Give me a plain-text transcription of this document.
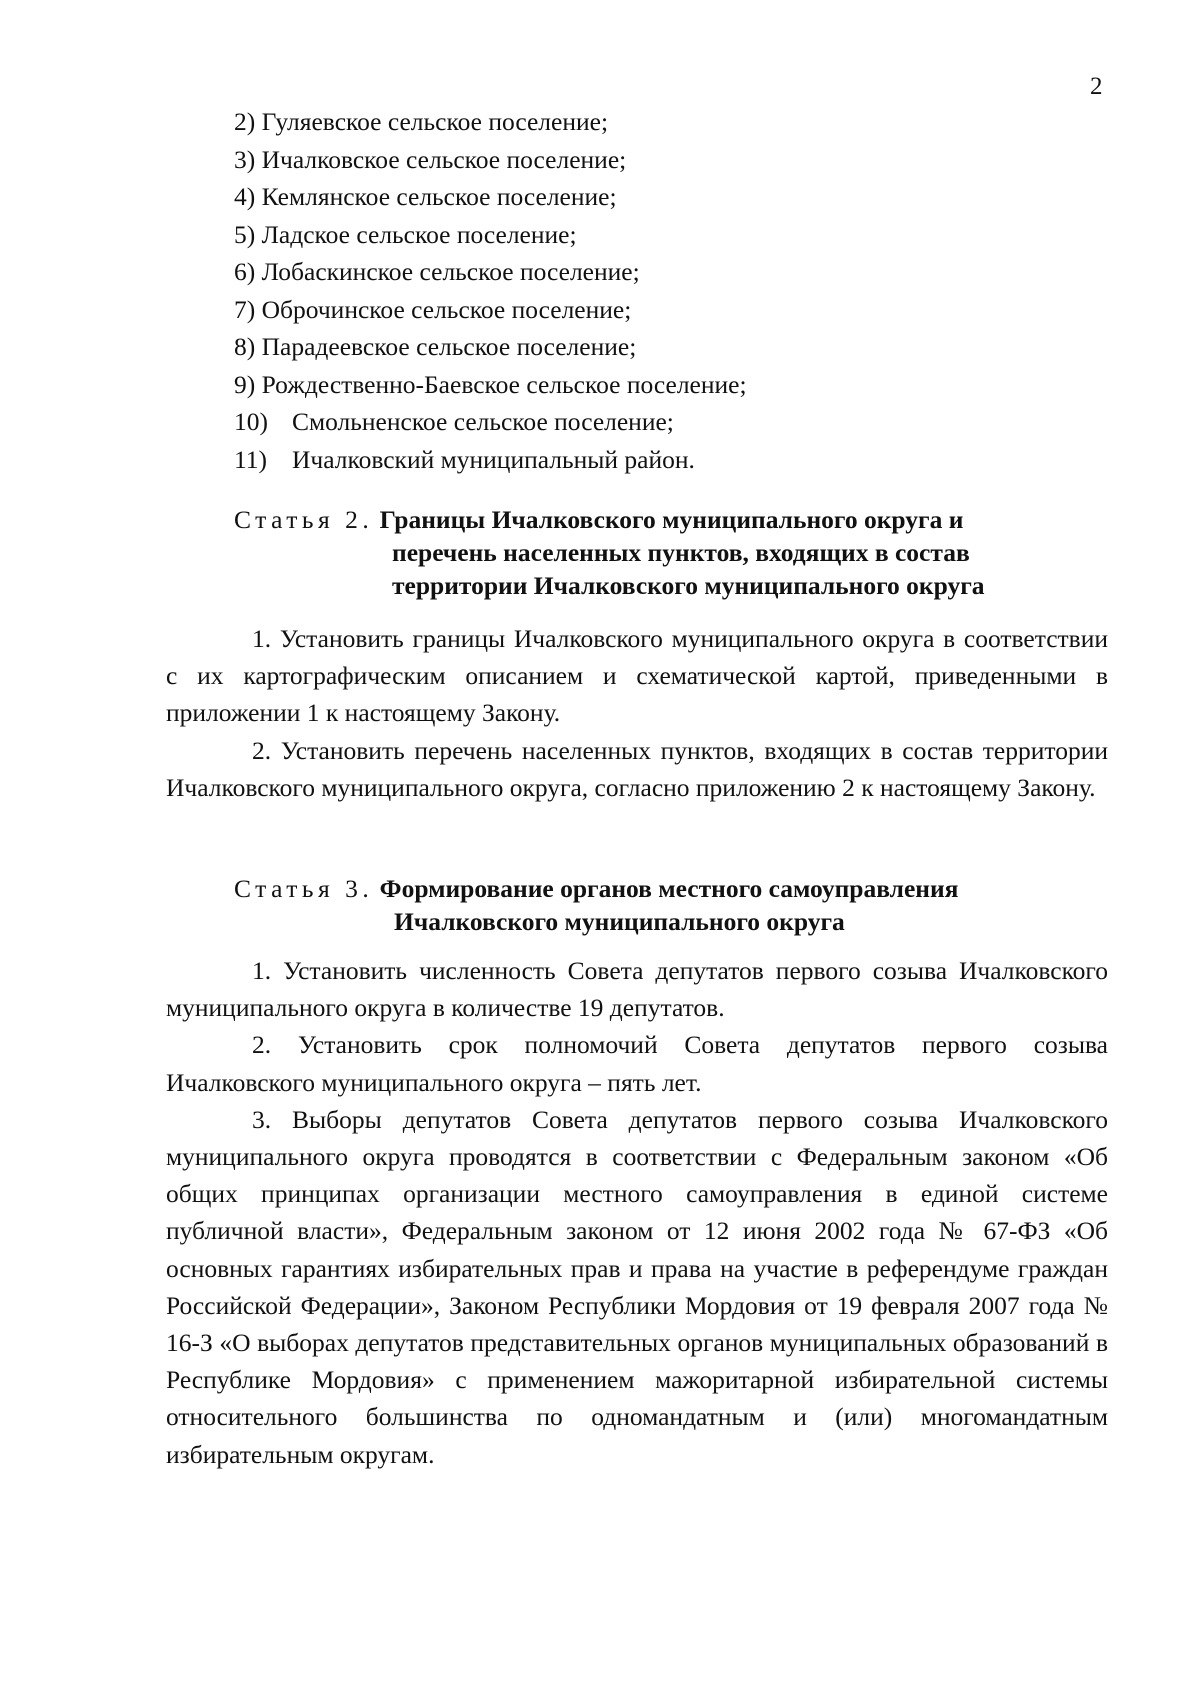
2
2) Гуляевское сельское поселение;
3) Ичалковское сельское поселение;
4) Кемлянское сельское поселение;
5) Ладское сельское поселение;
6) Лобаскинское сельское поселение;
7) Оброчинское сельское поселение;
8) Парадеевское сельское поселение;
9) Рождественно-Баевское сельское поселение;
10) Смольненское сельское поселение;
11) Ичалковский муниципальный район.
Статья 2. Границы Ичалковского муниципального округа и
перечень населенных пунктов, входящих в состав
территории Ичалковского муниципального округа

1. Установить границы Ичалковского муниципального округа в соответствии с их картографическим описанием и схематической картой, приведенными в приложении 1 к настоящему Закону.

2. Установить перечень населенных пунктов, входящих в состав территории Ичалковского муниципального округа, согласно приложению 2 к настоящему Закону.

Статья 3. Формирование органов местного самоуправления
Ичалковского муниципального округа

1. Установить численность Совета депутатов первого созыва Ичалковского муниципального округа в количестве 19 депутатов.

2. Установить срок полномочий Совета депутатов первого созыва Ичалковского муниципального округа – пять лет.

3. Выборы депутатов Совета депутатов первого созыва Ичалковского муниципального округа проводятся в соответствии с Федеральным законом «Об общих принципах организации местного самоуправления в единой системе публичной власти», Федеральным законом от 12 июня 2002 года № 67-ФЗ «Об основных гарантиях избирательных прав и права на участие в референдуме граждан Российской Федерации», Законом Республики Мордовия от 19 февраля 2007 года № 16-З «О выборах депутатов представительных органов муниципальных образований в Республике Мордовия» с применением мажоритарной избирательной системы относительного большинства по одномандатным и (или) многомандатным избирательным округам.
